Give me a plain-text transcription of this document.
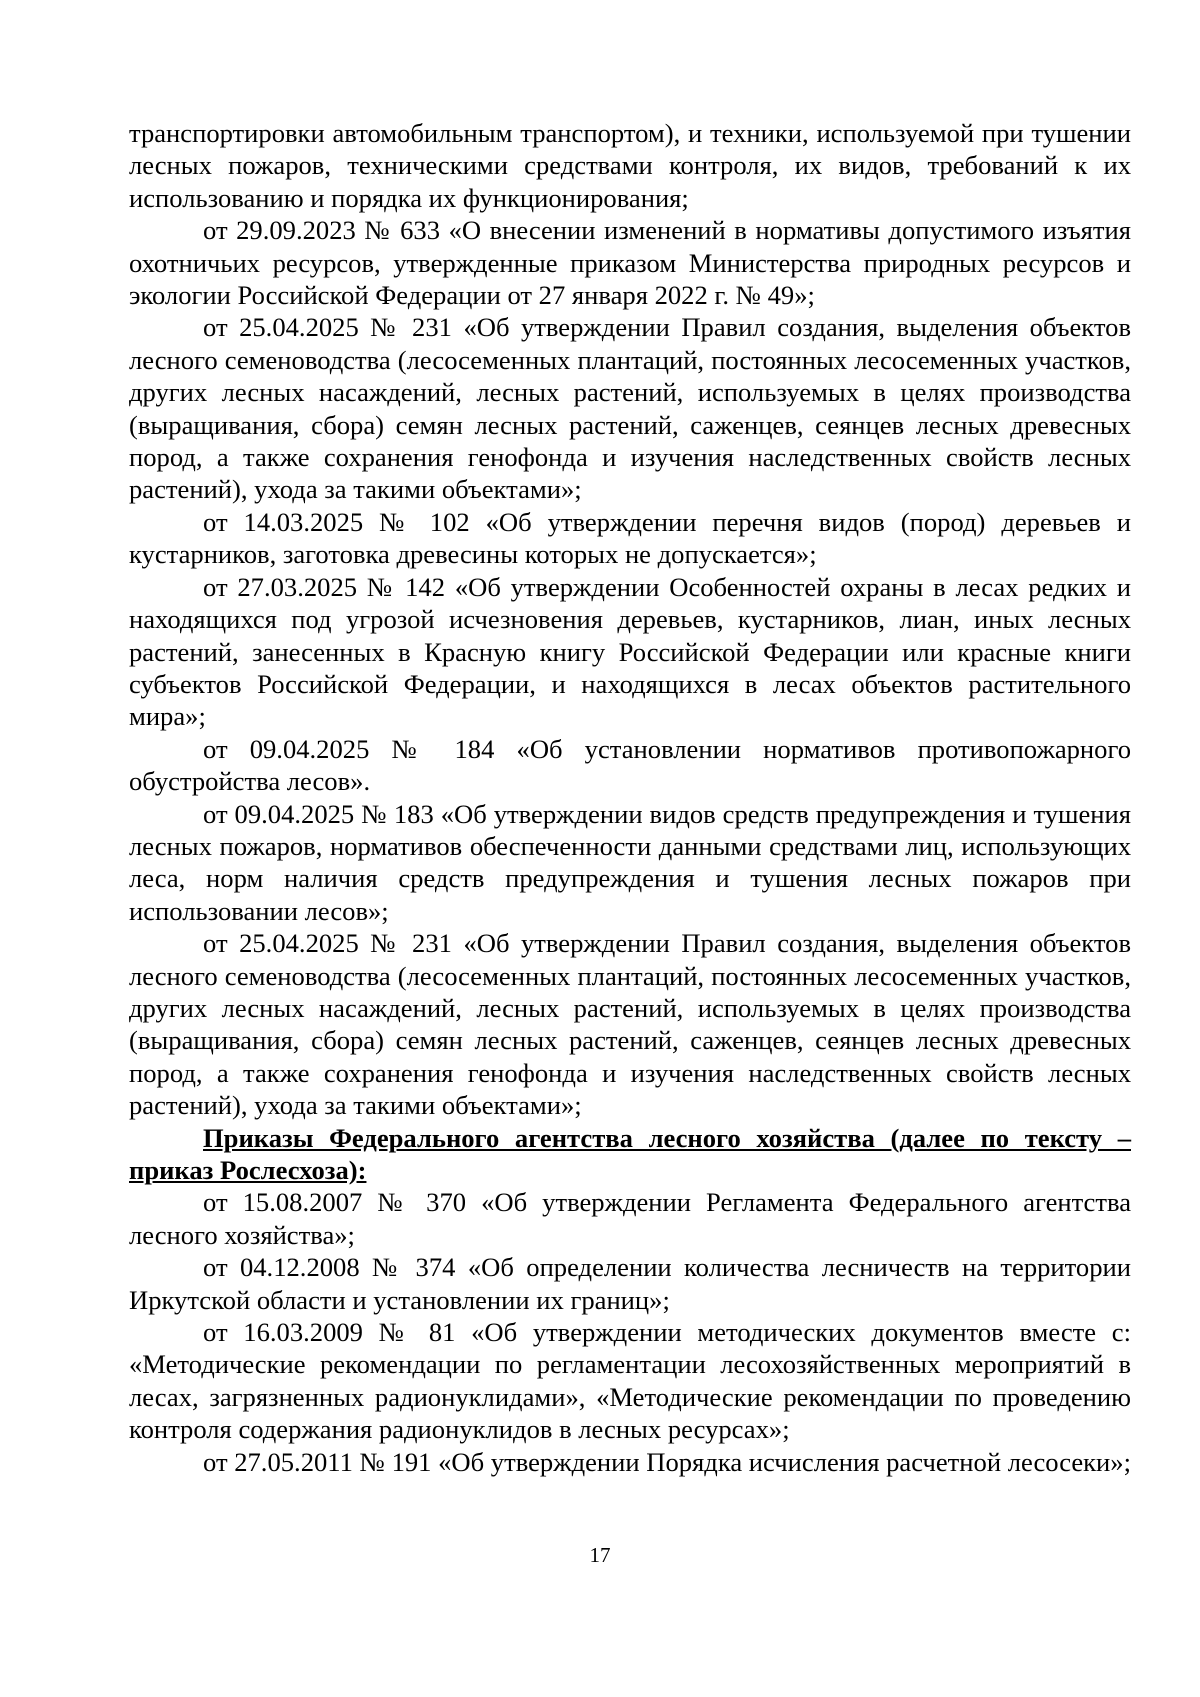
транспортировки автомобильным транспортом), и техники, используемой при тушении лесных пожаров, техническими средствами контроля, их видов, требований к их использованию и порядка их функционирования;

от 29.09.2023 № 633 «О внесении изменений в нормативы допустимого изъятия охотничьих ресурсов, утвержденные приказом Министерства природных ресурсов и экологии Российской Федерации от 27 января 2022 г. № 49»;

от 25.04.2025 № 231 «Об утверждении Правил создания, выделения объектов лесного семеноводства (лесосеменных плантаций, постоянных лесосеменных участков, других лесных насаждений, лесных растений, используемых в целях производства (выращивания, сбора) семян лесных растений, саженцев, сеянцев лесных древесных пород, а также сохранения генофонда и изучения наследственных свойств лесных растений), ухода за такими объектами»;

от 14.03.2025 № 102 «Об утверждении перечня видов (пород) деревьев и кустарников, заготовка древесины которых не допускается»;

от 27.03.2025 № 142 «Об утверждении Особенностей охраны в лесах редких и находящихся под угрозой исчезновения деревьев, кустарников, лиан, иных лесных растений, занесенных в Красную книгу Российской Федерации или красные книги субъектов Российской Федерации, и находящихся в лесах объектов растительного мира»;

от 09.04.2025 № 184 «Об установлении нормативов противопожарного обустройства лесов».

от 09.04.2025 № 183 «Об утверждении видов средств предупреждения и тушения лесных пожаров, нормативов обеспеченности данными средствами лиц, использующих леса, норм наличия средств предупреждения и тушения лесных пожаров при использовании лесов»;

от 25.04.2025 № 231 «Об утверждении Правил создания, выделения объектов лесного семеноводства (лесосеменных плантаций, постоянных лесосеменных участков, других лесных насаждений, лесных растений, используемых в целях производства (выращивания, сбора) семян лесных растений, саженцев, сеянцев лесных древесных пород, а также сохранения генофонда и изучения наследственных свойств лесных растений), ухода за такими объектами»;

Приказы Федерального агентства лесного хозяйства (далее по тексту – приказ Рослесхоза):

от 15.08.2007 № 370 «Об утверждении Регламента Федерального агентства лесного хозяйства»;

от 04.12.2008 № 374 «Об определении количества лесничеств на территории Иркутской области и установлении их границ»;

от 16.03.2009 № 81 «Об утверждении методических документов вместе с: «Методические рекомендации по регламентации лесохозяйственных мероприятий в лесах, загрязненных радионуклидами», «Методические рекомендации по проведению контроля содержания радионуклидов в лесных ресурсах»;

от 27.05.2011 № 191 «Об утверждении Порядка исчисления расчетной лесосеки»;

17
